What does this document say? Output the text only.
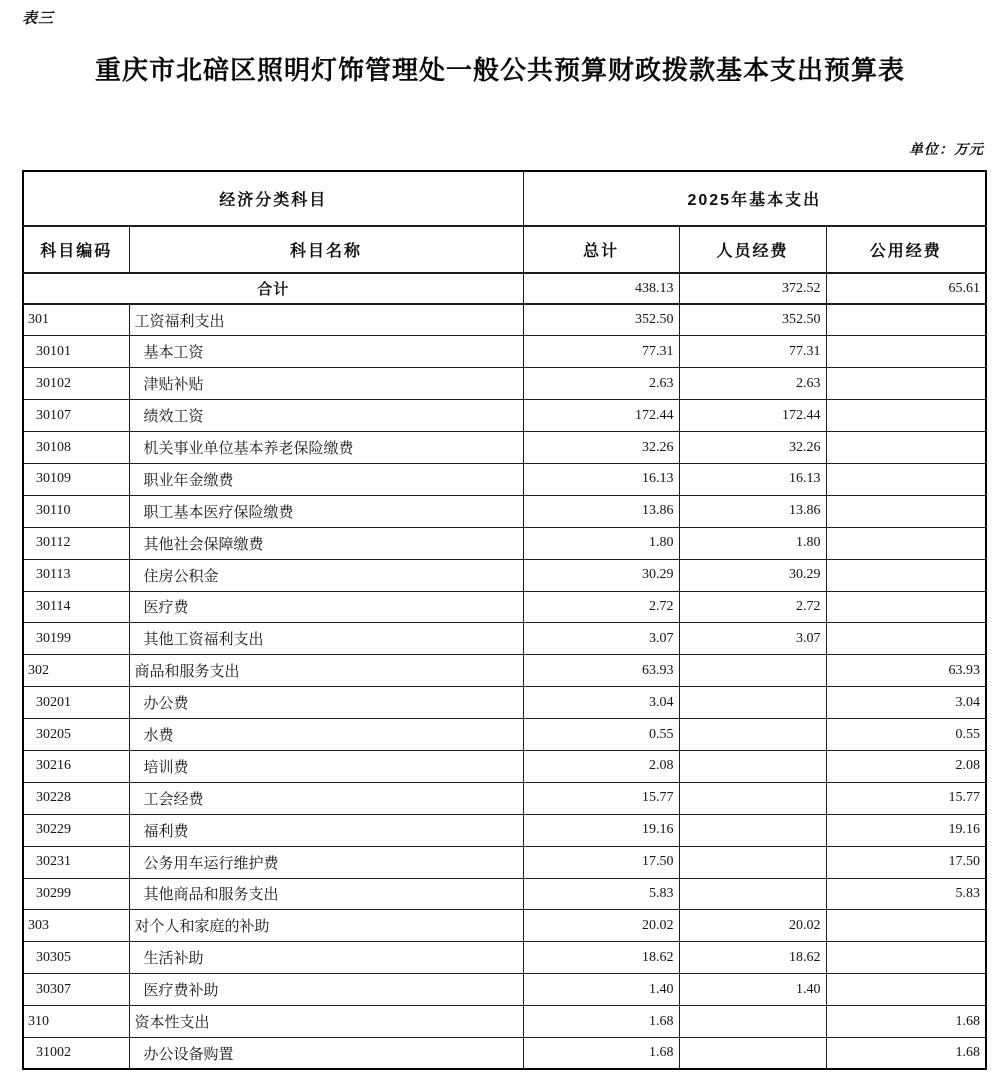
表三
重庆市北碚区照明灯饰管理处一般公共预算财政拨款基本支出预算表
单位：万元
经济分类科目		2025年基本支出		
科目编码	科目名称	总计	人员经费	公用经费
合计		438.13	372.52	65.61
301	工资福利支出	352.50	352.50	
30101	基本工资	77.31	77.31	
30102	津贴补贴	2.63	2.63	
30107	绩效工资	172.44	172.44	
30108	机关事业单位基本养老保险缴费	32.26	32.26	
30109	职业年金缴费	16.13	16.13	
30110	职工基本医疗保险缴费	13.86	13.86	
30112	其他社会保障缴费	1.80	1.80	
30113	住房公积金	30.29	30.29	
30114	医疗费	2.72	2.72	
30199	其他工资福利支出	3.07	3.07	
302	商品和服务支出	63.93		63.93
30201	办公费	3.04		3.04
30205	水费	0.55		0.55
30216	培训费	2.08		2.08
30228	工会经费	15.77		15.77
30229	福利费	19.16		19.16
30231	公务用车运行维护费	17.50		17.50
30299	其他商品和服务支出	5.83		5.83
303	对个人和家庭的补助	20.02	20.02	
30305	生活补助	18.62	18.62	
30307	医疗费补助	1.40	1.40	
310	资本性支出	1.68		1.68
31002	办公设备购置	1.68		1.68
